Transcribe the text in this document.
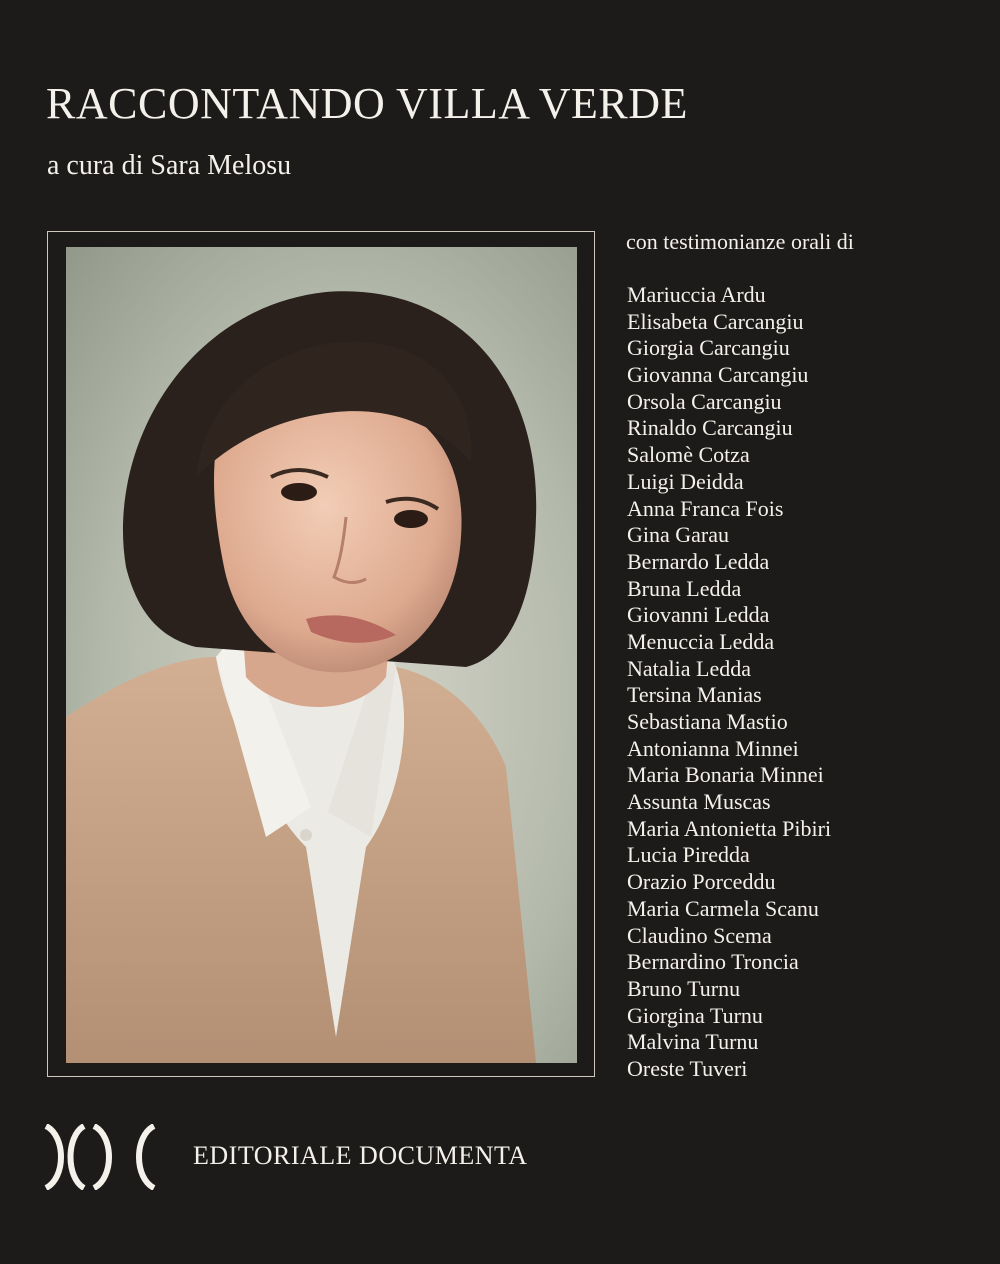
RACCONTANDO VILLA VERDE

a cura di Sara Melosu

con testimonianze orali di

Mariuccia Ardu
Elisabeta Carcangiu
Giorgia Carcangiu
Giovanna Carcangiu
Orsola Carcangiu
Rinaldo Carcangiu
Salomè Cotza
Luigi Deidda
Anna Franca Fois
Gina Garau
Bernardo Ledda
Bruna Ledda
Giovanni Ledda
Menuccia Ledda
Natalia Ledda
Tersina Manias
Sebastiana Mastio
Antonianna Minnei
Maria Bonaria Minnei
Assunta Muscas
Maria Antonietta Pibiri
Lucia Piredda
Orazio Porceddu
Maria Carmela Scanu
Claudino Scema
Bernardino Troncia
Bruno Turnu
Giorgina Turnu
Malvina Turnu
Oreste Tuveri
EDITORIALE DOCUMENTA
